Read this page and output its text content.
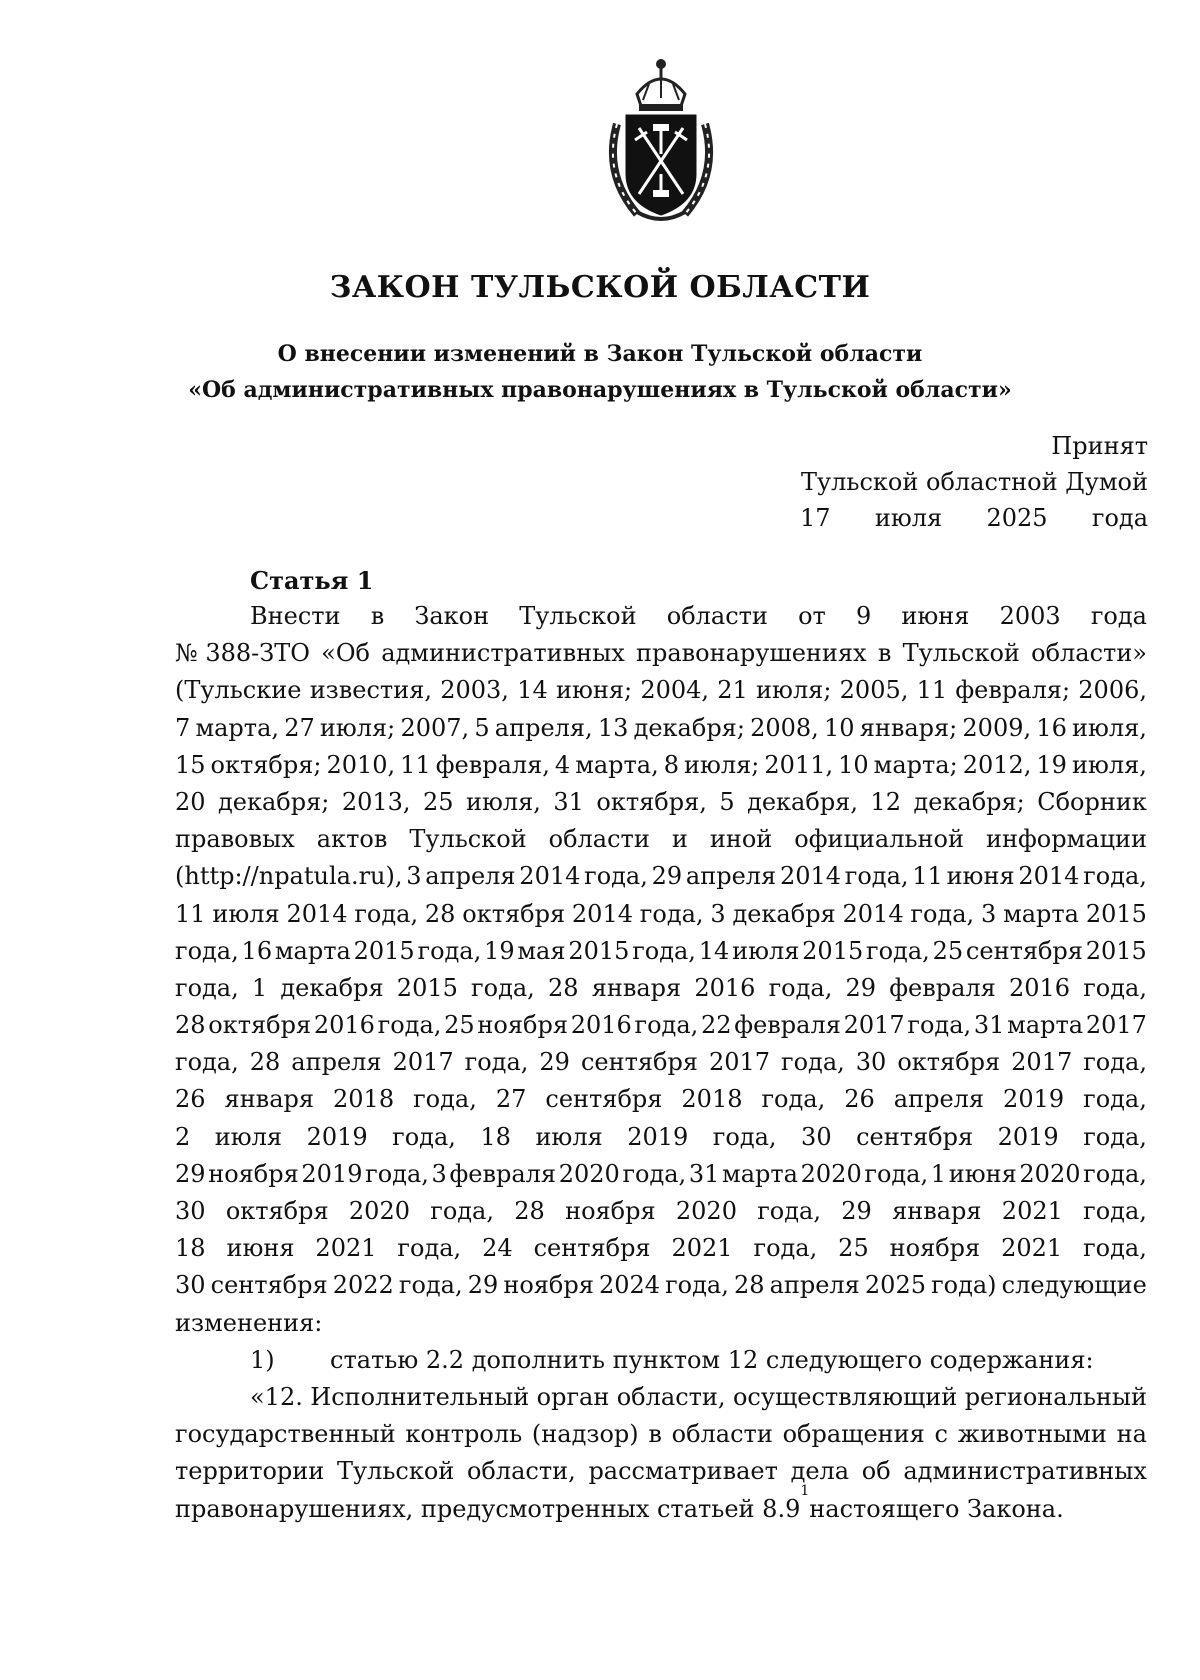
ЗАКОН ТУЛЬСКОЙ ОБЛАСТИ
О внесении изменений в Закон Тульской области
«Об административных правонарушениях в Тульской области»
Принят
Тульской областной Думой
17 июля 2025 года
Статья 1
Внести в Закон Тульской области от 9 июня 2003 года
№ 388-ЗТО «Об административных правонарушениях в Тульской области»
(Тульские известия, 2003, 14 июня; 2004, 21 июля; 2005, 11 февраля; 2006,
7 марта, 27 июля; 2007, 5 апреля, 13 декабря; 2008, 10 января; 2009, 16 июля,
15 октября; 2010, 11 февраля, 4 марта, 8 июля; 2011, 10 марта; 2012, 19 июля,
20 декабря; 2013, 25 июля, 31 октября, 5 декабря, 12 декабря; Сборник
правовых актов Тульской области и иной официальной информации
(http://npatula.ru), 3 апреля 2014 года, 29 апреля 2014 года, 11 июня 2014 года,
11 июля 2014 года, 28 октября 2014 года, 3 декабря 2014 года, 3 марта 2015
года, 16 марта 2015 года, 19 мая 2015 года, 14 июля 2015 года, 25 сентября 2015
года, 1 декабря 2015 года, 28 января 2016 года, 29 февраля 2016 года,
28 октября 2016 года, 25 ноября 2016 года, 22 февраля 2017 года, 31 марта 2017
года, 28 апреля 2017 года, 29 сентября 2017 года, 30 октября 2017 года,
26 января 2018 года, 27 сентября 2018 года, 26 апреля 2019 года,
2 июля 2019 года, 18 июля 2019 года, 30 сентября 2019 года,
29 ноября 2019 года, 3 февраля 2020 года, 31 марта 2020 года, 1 июня 2020 года,
30 октября 2020 года, 28 ноября 2020 года, 29 января 2021 года,
18 июня 2021 года, 24 сентября 2021 года, 25 ноября 2021 года,
30 сентября 2022 года, 29 ноября 2024 года, 28 апреля 2025 года) следующие
изменения:
1)	статью 2.2 дополнить пунктом 12 следующего содержания:
«12. Исполнительный орган области, осуществляющий региональный
государственный контроль (надзор) в области обращения с животными на
территории Тульской области, рассматривает дела об административных
правонарушениях, предусмотренных статьей 8.9
1
настоящего Закона.
